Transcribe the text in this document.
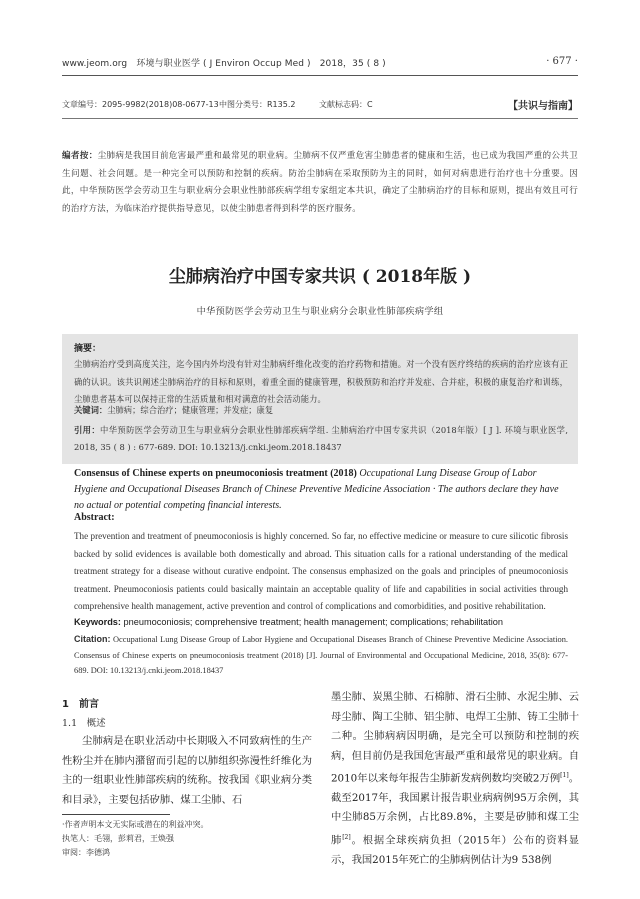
www.jeom.org　环境与职业医学 ( J Environ Occup Med )　2018，35 ( 8 )	· 677 ·
文章编号：2095-9982(2018)08-0677-13 中图分类号：R135.2	文献标志码：C	【共识与指南】
编者按：尘肺病是我国目前危害最严重和最常见的职业病。尘肺病不仅严重危害尘肺患者的健康和生活，也已成为我国严重的公共卫生问题、社会问题。是一种完全可以预防和控制的疾病。防治尘肺病在采取预防为主的同时，如何对病患进行治疗也十分重要。因此，中华预防医学会劳动卫生与职业病分会职业性肺部疾病学组专家组定本共识，确定了尘肺病治疗的目标和原则，提出有效且可行的治疗方法，为临床治疗提供指导意见，以使尘肺患者得到科学的医疗服务。
尘肺病治疗中国专家共识 ( 2018年版 )
中华预防医学会劳动卫生与职业病分会职业性肺部疾病学组
摘要：
尘肺病治疗受到高度关注，迄今国内外均没有针对尘肺病纤维化改变的治疗药物和措施。对一个没有医疗终结的疾病的治疗应该有正确的认识。该共识阐述尘肺病治疗的目标和原则，着重全面的健康管理，积极预防和治疗并发症、合并症，积极的康复治疗和训练，尘肺患者基本可以保持正常的生活质量和相对满意的社会活动能力。
关键词：尘肺病；综合治疗；健康管理；并发症；康复
引用：中华预防医学会劳动卫生与职业病分会职业性肺部疾病学组. 尘肺病治疗中国专家共识（2018年版）[ J ]. 环境与职业医学, 2018, 35 ( 8 ) : 677-689. DOI: 10.13213/j.cnki.jeom.2018.18437
Consensus of Chinese experts on pneumoconiosis treatment (2018) Occupational Lung Disease Group of Labor Hygiene and Occupational Diseases Branch of Chinese Preventive Medicine Association · The authors declare they have no actual or potential competing financial interests.
Abstract:
The prevention and treatment of pneumoconiosis is highly concerned. So far, no effective medicine or measure to cure silicotic fibrosis backed by solid evidences is available both domestically and abroad. This situation calls for a rational understanding of the medical treatment strategy for a disease without curative endpoint. The consensus emphasized on the goals and principles of pneumoconiosis treatment. Pneumoconiosis patients could basically maintain an acceptable quality of life and capabilities in social activities through comprehensive health management, active prevention and control of complications and comorbidities, and positive rehabilitation.
Keywords: pneumoconiosis; comprehensive treatment; health management; complications; rehabilitation
Citation: Occupational Lung Disease Group of Labor Hygiene and Occupational Diseases Branch of Chinese Preventive Medicine Association. Consensus of Chinese experts on pneumoconiosis treatment (2018) [J]. Journal of Environmental and Occupational Medicine, 2018, 35(8): 677-689. DOI: 10.13213/j.cnki.jeom.2018.18437
1　前言
1.1　概述
尘肺病是在职业活动中长期吸入不同致病性的生产性粉尘并在肺内潴留而引起的以肺组织弥漫性纤维化为主的一组职业性肺部疾病的统称。按我国《职业病分类和目录》，主要包括矽肺、煤工尘肺、石
墨尘肺、炭黑尘肺、石棉肺、滑石尘肺、水泥尘肺、云母尘肺、陶工尘肺、铝尘肺、电焊工尘肺、铸工尘肺十二种。尘肺病病因明确，是完全可以预防和控制的疾病，但目前仍是我国危害最严重和最常见的职业病。自2010年以来每年报告尘肺新发病例数均突破2万例[1]。截至2017年，我国累计报告职业病病例95万余例，其中尘肺85万余例，占比89.8%，主要是矽肺和煤工尘肺[2]。根据全球疾病负担（2015年）公布的资料显示，我国2015年死亡的尘肺病例估计为9 538例
·作者声明本文无实际或潜在的利益冲突。
执笔人：毛翎，彭莉君，王焕强
审阅：李德鸿
